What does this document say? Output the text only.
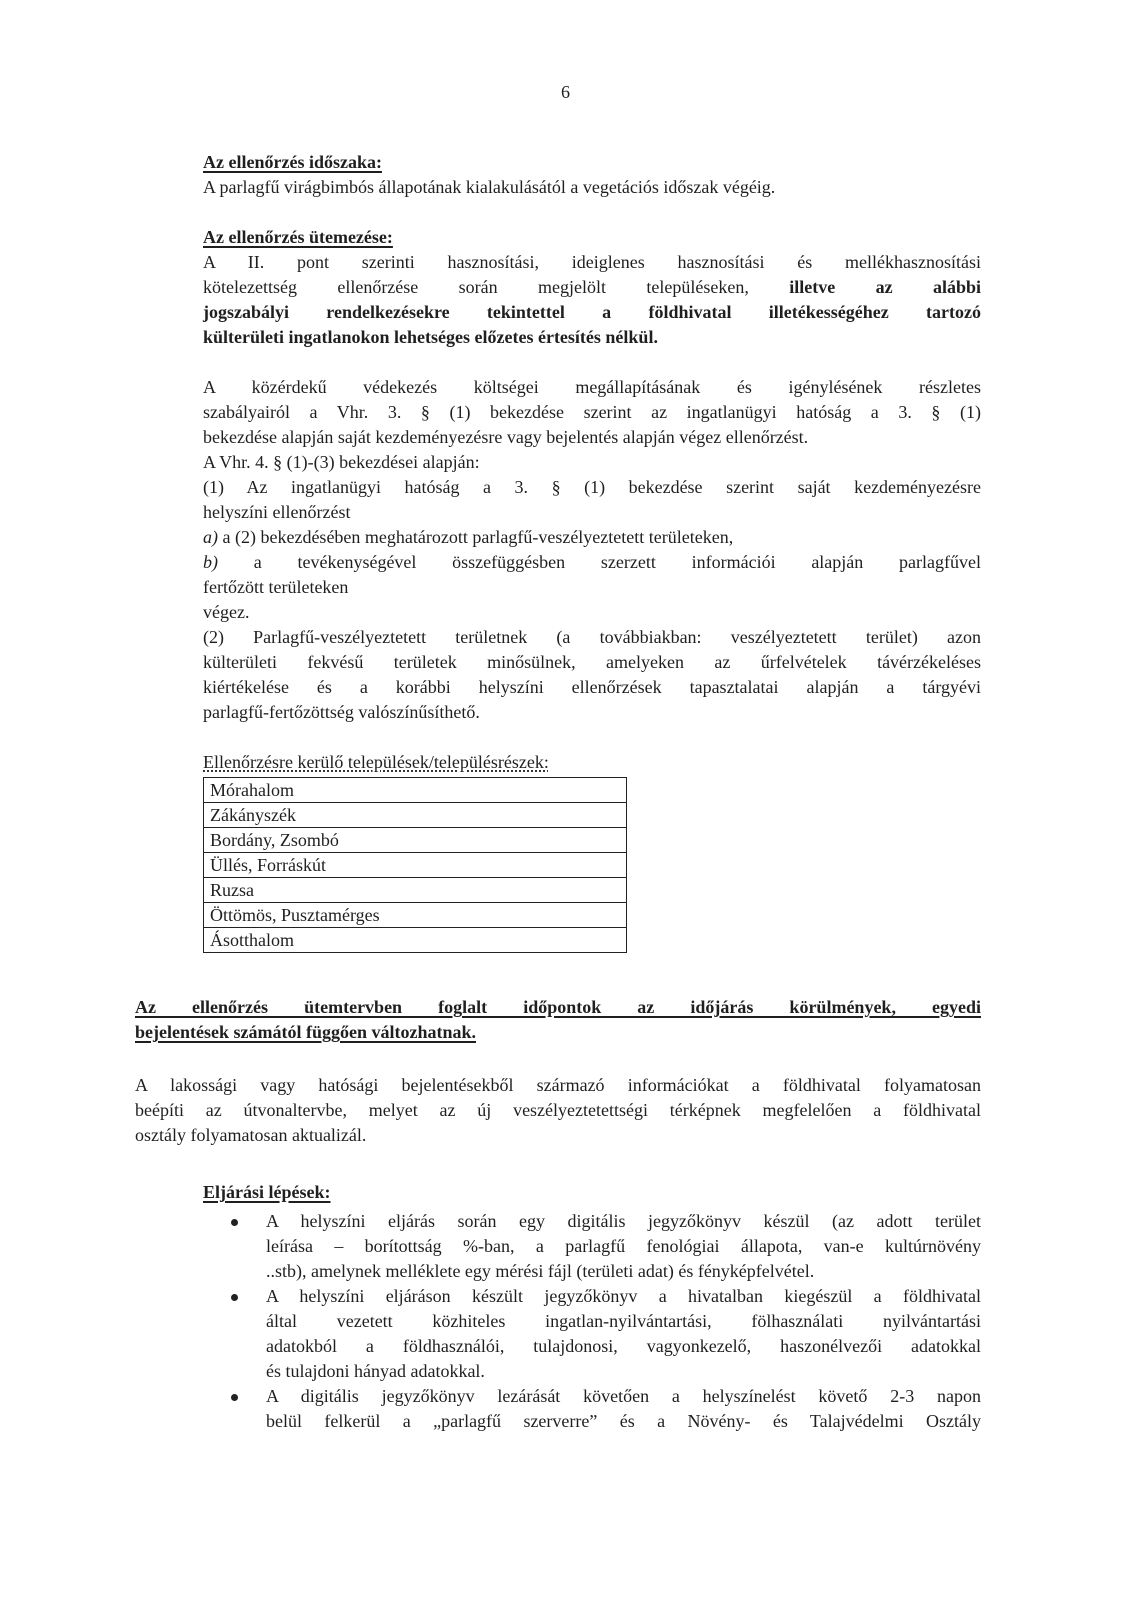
6
Az ellenőrzés időszaka:
A parlagfű virágbimbós állapotának kialakulásától a vegetációs időszak végéig.
Az ellenőrzés ütemezése:
A II. pont szerinti hasznosítási, ideiglenes hasznosítási és mellékhasznosítási
kötelezettség ellenőrzése során megjelölt településeken, illetve az alábbi
jogszabályi rendelkezésekre tekintettel a földhivatal illetékességéhez tartozó
külterületi ingatlanokon lehetséges előzetes értesítés nélkül.
A közérdekű védekezés költségei megállapításának és igénylésének részletes
szabályairól a Vhr. 3. § (1) bekezdése szerint az ingatlanügyi hatóság a 3. § (1)
bekezdése alapján saját kezdeményezésre vagy bejelentés alapján végez ellenőrzést.
A Vhr. 4. § (1)-(3) bekezdései alapján:
(1) Az ingatlanügyi hatóság a 3. § (1) bekezdése szerint saját kezdeményezésre
helyszíni ellenőrzést
a) a (2) bekezdésében meghatározott parlagfű-veszélyeztetett területeken,
b) a tevékenységével összefüggésben szerzett információi alapján parlagfűvel
fertőzött területeken
végez.
(2) Parlagfű-veszélyeztetett területnek (a továbbiakban: veszélyeztetett terület) azon
külterületi fekvésű területek minősülnek, amelyeken az űrfelvételek távérzékeléses
kiértékelése és a korábbi helyszíni ellenőrzések tapasztalatai alapján a tárgyévi
parlagfű-fertőzöttség valószínűsíthető.
Ellenőrzésre kerülő települések/településrészek:
Mórahalom
Zákányszék
Bordány, Zsombó
Üllés, Forráskút
Ruzsa
Öttömös, Pusztamérges
Ásotthalom
Az ellenőrzés ütemtervben foglalt időpontok az időjárás körülmények, egyedi
bejelentések számától függően változhatnak.
A lakossági vagy hatósági bejelentésekből származó információkat a földhivatal folyamatosan
beépíti az útvonaltervbe, melyet az új veszélyeztetettségi térképnek megfelelően a földhivatal
osztály folyamatosan aktualizál.
Eljárási lépések:
A helyszíni eljárás során egy digitális jegyzőkönyv készül (az adott terület
leírása – borítottság %-ban, a parlagfű fenológiai állapota, van-e kultúrnövény
..stb), amelynek melléklete egy mérési fájl (területi adat) és fényképfelvétel.
A helyszíni eljáráson készült jegyzőkönyv a hivatalban kiegészül a földhivatal
által vezetett közhiteles ingatlan-nyilvántartási, fölhasználati nyilvántartási
adatokból a földhasználói, tulajdonosi, vagyonkezelő, haszonélvezői adatokkal
és tulajdoni hányad adatokkal.
A digitális jegyzőkönyv lezárását követően a helyszínelést követő 2-3 napon
belül felkerül a „parlagfű szerverre” és a Növény- és Talajvédelmi Osztály
